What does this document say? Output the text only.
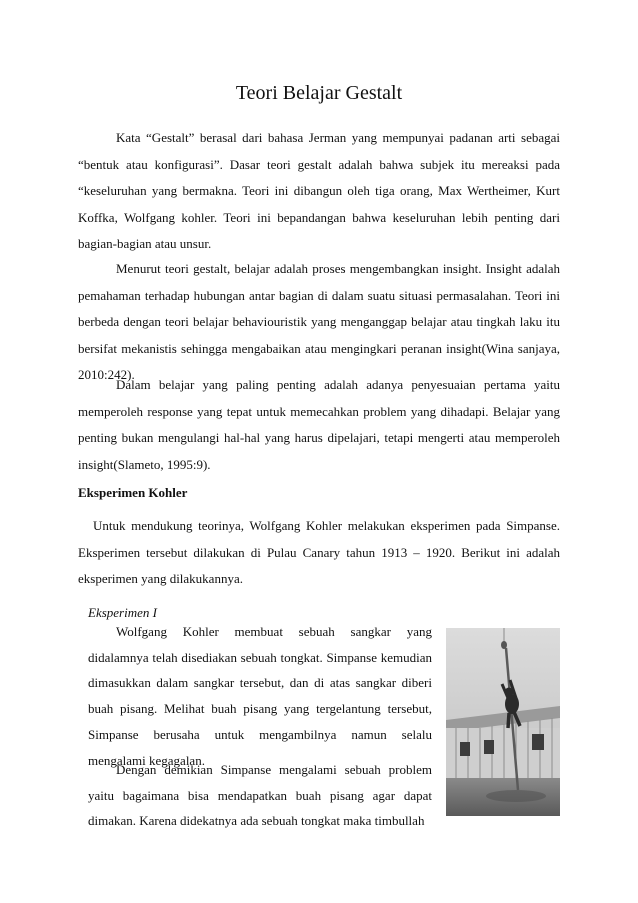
Teori Belajar Gestalt

Kata “Gestalt” berasal dari bahasa Jerman yang mempunyai padanan arti sebagai “bentuk atau konfigurasi”. Dasar teori gestalt adalah bahwa subjek itu mereaksi pada “keseluruhan yang bermakna. Teori ini dibangun oleh tiga orang, Max Wertheimer, Kurt Koffka, Wolfgang kohler. Teori ini bepandangan bahwa keseluruhan lebih penting dari bagian-bagian atau unsur.

Menurut teori gestalt, belajar adalah proses mengembangkan insight. Insight adalah pemahaman terhadap hubungan antar bagian di dalam suatu situasi permasalahan. Teori ini berbeda dengan teori belajar behaviouristik yang menganggap belajar atau tingkah laku itu bersifat mekanistis sehingga mengabaikan atau mengingkari peranan insight(Wina sanjaya, 2010:242).

Dalam belajar yang paling penting adalah adanya penyesuaian pertama yaitu memperoleh response yang tepat untuk memecahkan problem yang dihadapi. Belajar yang penting bukan mengulangi hal-hal yang harus dipelajari, tetapi mengerti atau memperoleh insight(Slameto, 1995:9).

Eksperimen Kohler

Untuk mendukung teorinya, Wolfgang Kohler melakukan eksperimen pada Simpanse. Eksperimen tersebut dilakukan di Pulau Canary tahun 1913 – 1920. Berikut ini adalah eksperimen yang dilakukannya.

Eksperimen I

Wolfgang Kohler membuat sebuah sangkar yang didalamnya telah disediakan sebuah tongkat. Simpanse kemudian dimasukkan dalam sangkar tersebut, dan di atas sangkar diberi buah pisang. Melihat buah pisang yang tergelantung tersebut, Simpanse berusaha untuk mengambilnya namun selalu mengalami kegagalan.

Dengan demikian Simpanse mengalami sebuah problem yaitu bagaimana bisa mendapatkan buah pisang agar dapat dimakan. Karena didekatnya ada sebuah tongkat maka timbullah
